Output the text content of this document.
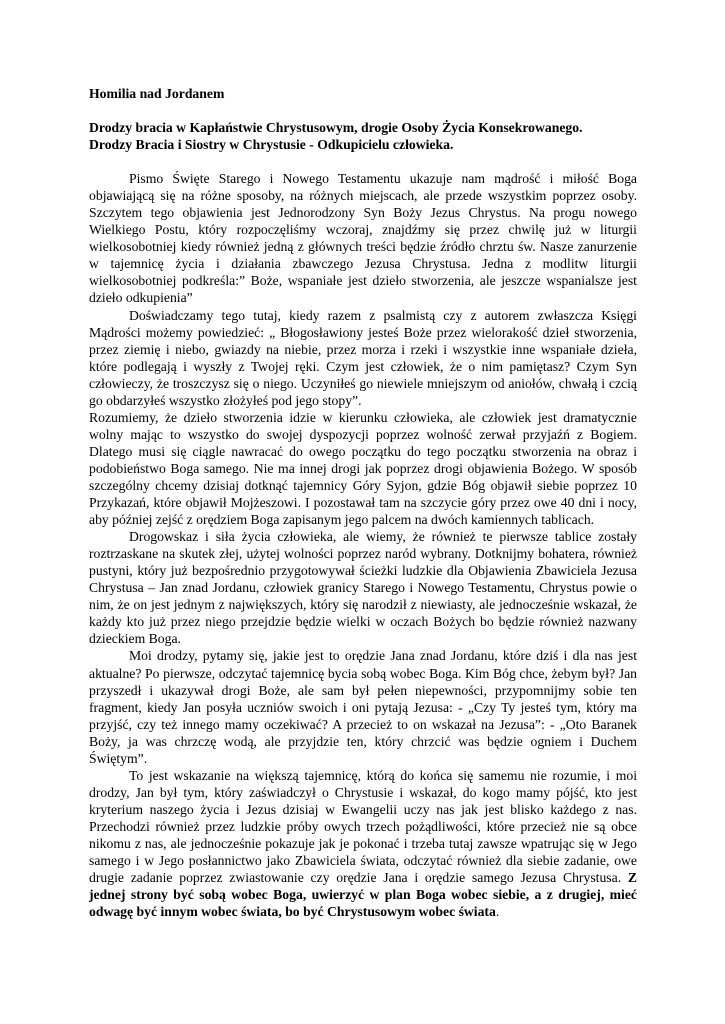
Homilia nad Jordanem
Drodzy bracia w Kapłaństwie Chrystusowym, drogie Osoby Życia Konsekrowanego.
Drodzy Bracia i Siostry w Chrystusie - Odkupicielu człowieka.

Pismo Święte Starego i Nowego Testamentu ukazuje nam mądrość i miłość Boga objawiającą się na różne sposoby, na różnych miejscach, ale przede wszystkim poprzez osoby. Szczytem tego objawienia jest Jednorodzony Syn Boży Jezus Chrystus. Na progu nowego Wielkiego Postu, który rozpoczęliśmy wczoraj, znajdźmy się przez chwilę już w liturgii wielkosobotniej kiedy również jedną z głównych treści będzie źródło chrztu św. Nasze zanurzenie w tajemnicę życia i działania zbawczego Jezusa Chrystusa. Jedna z modlitw liturgii wielkosobotniej podkreśla:” Boże, wspaniałe jest dzieło stworzenia, ale jeszcze wspanialsze jest dzieło odkupienia”

Doświadczamy tego tutaj, kiedy razem z psalmistą czy z autorem zwłaszcza Księgi Mądrości możemy powiedzieć: „ Błogosławiony jesteś Boże przez wielorakość dzieł stworzenia, przez ziemię i niebo, gwiazdy na niebie, przez morza i rzeki i wszystkie inne wspaniałe dzieła, które podlegają i wyszły z Twojej ręki. Czym jest człowiek, że o nim pamiętasz? Czym Syn człowieczy, że troszczysz się o niego. Uczyniłeś go niewiele mniejszym od aniołów, chwałą i czcią go obdarzyłeś wszystko złożyłeś pod jego stopy”.

Rozumiemy, że dzieło stworzenia idzie w kierunku człowieka, ale człowiek jest dramatycznie wolny mając to wszystko do swojej dyspozycji poprzez wolność zerwał przyjaźń z Bogiem. Dlatego musi się ciągle nawracać do owego początku do tego początku stworzenia na obraz i podobieństwo Boga samego. Nie ma innej drogi jak poprzez drogi objawienia Bożego. W sposób szczególny chcemy dzisiaj dotknąć tajemnicy Góry Syjon, gdzie Bóg objawił siebie poprzez 10 Przykazań, które objawił Mojżeszowi. I pozostawał tam na szczycie góry przez owe 40 dni i nocy, aby później zejść z orędziem Boga zapisanym jego palcem na dwóch kamiennych tablicach.

Drogowskaz i siła życia człowieka, ale wiemy, że również te pierwsze tablice zostały roztrzaskane na skutek złej, użytej wolności poprzez naród wybrany. Dotknijmy bohatera, również pustyni, który już bezpośrednio przygotowywał ścieżki ludzkie dla Objawienia Zbawiciela Jezusa Chrystusa – Jan znad Jordanu, człowiek granicy Starego i Nowego Testamentu, Chrystus powie o nim, że on jest jednym z największych, który się narodził z niewiasty, ale jednocześnie wskazał, że każdy kto już przez niego przejdzie będzie wielki w oczach Bożych bo będzie również nazwany dzieckiem Boga.

Moi drodzy, pytamy się, jakie jest to orędzie Jana znad Jordanu, które dziś i dla nas jest aktualne? Po pierwsze, odczytać tajemnicę bycia sobą wobec Boga. Kim Bóg chce, żebym był? Jan przyszedł i ukazywał drogi Boże, ale sam był pełen niepewności, przypomnijmy sobie ten fragment, kiedy Jan posyła uczniów swoich i oni pytają Jezusa: - „Czy Ty jesteś tym, który ma przyjść, czy też innego mamy oczekiwać? A przecież to on wskazał na Jezusa”: - „Oto Baranek Boży, ja was chrzczę wodą, ale przyjdzie ten, który chrzcić was będzie ogniem i Duchem Świętym”.

To jest wskazanie na większą tajemnicę, którą do końca się samemu nie rozumie, i moi drodzy, Jan był tym, który zaświadczył o Chrystusie i wskazał, do kogo mamy pójść, kto jest kryterium naszego życia i Jezus dzisiaj w Ewangelii uczy nas jak jest blisko każdego z nas. Przechodzi również przez ludzkie próby owych trzech pożądliwości, które przecież nie są obce nikomu z nas, ale jednocześnie pokazuje jak je pokonać i trzeba tutaj zawsze wpatrując się w Jego samego i w Jego posłannictwo jako Zbawiciela świata, odczytać również dla siebie zadanie, owe drugie zadanie poprzez zwiastowanie czy orędzie Jana i orędzie samego Jezusa Chrystusa. Z jednej strony być sobą wobec Boga, uwierzyć w plan Boga wobec siebie, a z drugiej, mieć odwagę być innym wobec świata, bo być Chrystusowym wobec świata.
